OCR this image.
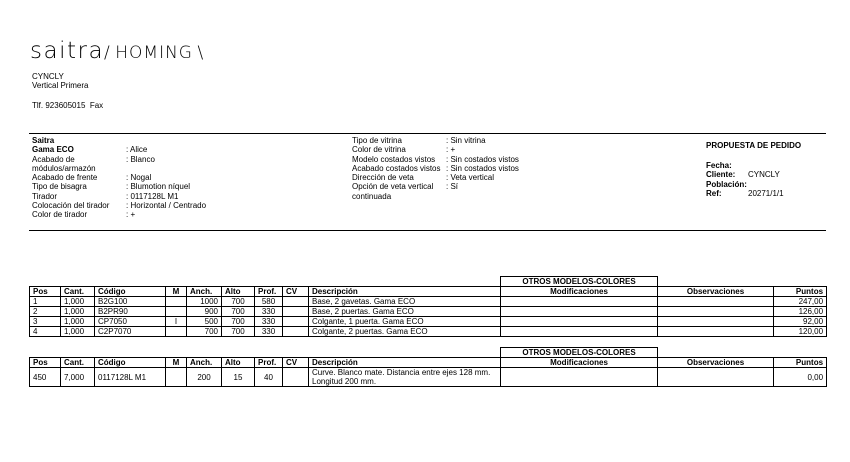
saitra/ HOMING \
CYNCLY
Vertical Primera
Tlf. 923605015 Fax
Saitra
Gama ECO	: Alice
Acabado de módulos/armazón
: Blanco
Acabado de frente	: Nogal
Tipo de bisagra	: Blumotion níquel
Tirador	: 0117128L M1
Colocación del tirador	: Horizontal / Centrado
Color de tirador	: +
Tipo de vitrina	: Sin vitrina
Color de vitrina	: +
Modelo costados vistos	: Sin costados vistos
Acabado costados vistos : Sin costados vistos
Dirección de veta	: Veta vertical
Opción de veta vertical continuada
: Sí
PROPUESTA DE PEDIDO
Fecha:
Cliente:	CYNCLY
Población:
Ref:	20271/1/1
									OTROS MODELOS-COLORES		
Pos	Cant.	Código	M	Anch.	Alto	Prof.	CV	Descripción	Modificaciones	Observaciones	Puntos
1	1,000	B2G100		1000	700	580		Base, 2 gavetas. Gama ECO			247,00
2	1,000	B2PR90		900	700	330		Base, 2 puertas. Gama ECO			126,00
3	1,000	CP7050	I	500	700	330		Colgante, 1 puerta. Gama ECO			92,00
4	1,000	C2P7070		700	700	330		Colgante, 2 puertas. Gama ECO			120,00
									OTROS MODELOS-COLORES		
Pos	Cant.	Código	M	Anch.	Alto	Prof.	CV	Descripción	Modificaciones	Observaciones	Puntos
450	7,000	0117128L M1		200	15	40		Curve. Blanco mate. Distancia entre ejes 128 mm. Longitud 200 mm.			0,00
